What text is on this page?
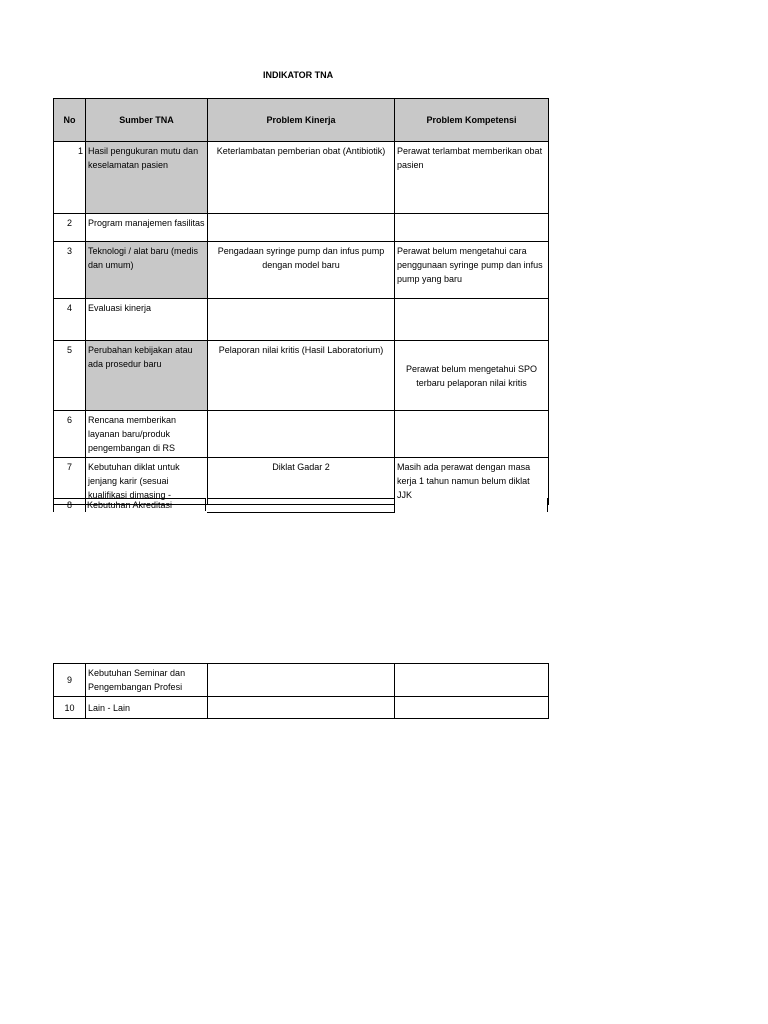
INDIKATOR TNA
No	Sumber TNA	Problem Kinerja	Problem Kompetensi
1	Hasil pengukuran mutu dan keselamatan pasien	Keterlambatan pemberian obat (Antibiotik)	Perawat terlambat memberikan obat pasien
2	Program manajemen fasilitas		
3	Teknologi / alat baru (medis dan umum)	Pengadaan syringe pump dan infus pump dengan model baru	Perawat belum mengetahui cara penggunaan syringe pump dan infus pump yang baru
4	Evaluasi kinerja		
5	Perubahan kebijakan atau ada prosedur baru	Pelaporan nilai kritis (Hasil Laboratorium)	Perawat belum mengetahui SPO terbaru pelaporan nilai kritis
6	Rencana memberikan layanan baru/produk pengembangan di RS		
7	Kebutuhan diklat untuk jenjang karir (sesuai kualifikasi dimasing -	Diklat Gadar 2	Masih ada perawat dengan masa kerja 1 tahun namun belum diklat JJK
8	Kebutuhan Akreditasi
9	Kebutuhan Seminar dan Pengembangan Profesi		
10	Lain - Lain		
